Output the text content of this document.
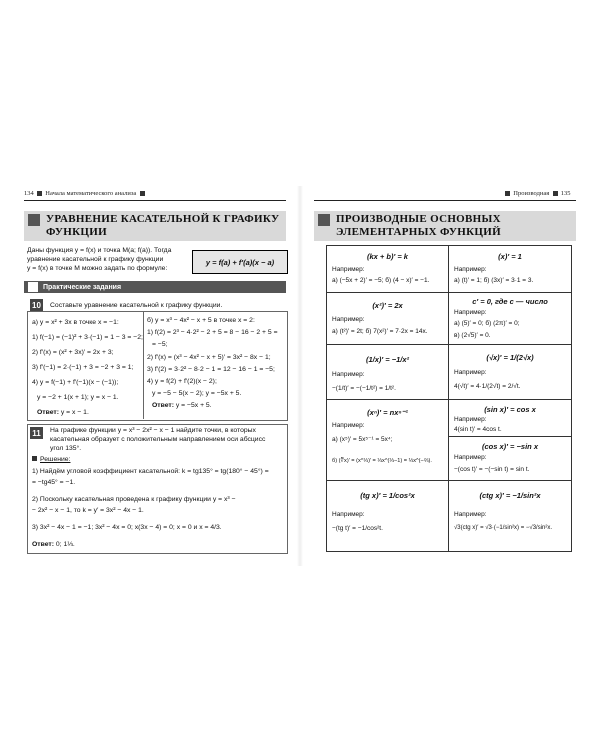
134 Начала математического анализа
УРАВНЕНИЕ КАСАТЕЛЬНОЙ К ГРАФИКУ
ФУНКЦИИ
Даны функция y = f(x) и точка M(a; f(a)). Тогда
уравнение касательной к графику функции
y = f(x) в точке M можно задать по формуле:
y = f(a) + f′(a)(x − a)
Практические задания
10	Составьте уравнение касательной к графику функции.
а) y = x² + 3x в точке x = −1:
1) f(−1) = (−1)² + 3·(−1) = 1 − 3 = −2;
2) f′(x) = (x² + 3x)′ = 2x + 3;
3) f′(−1) = 2·(−1) + 3 = −2 + 3 = 1;
4) y = f(−1) + f′(−1)(x − (−1));
y = −2 + 1(x + 1); y = x − 1.
Ответ: y = x − 1.
б) y = x³ − 4x² − x + 5 в точке x = 2:
1) f(2) = 2³ − 4·2² − 2 + 5 = 8 − 16 − 2 + 5 =
= −5;
2) f′(x) = (x³ − 4x² − x + 5)′ = 3x² − 8x − 1;
3) f′(2) = 3·2² − 8·2 − 1 = 12 − 16 − 1 = −5;
4) y = f(2) + f′(2)(x − 2);
y = −5 − 5(x − 2); y = −5x + 5.
Ответ: y = −5x + 5.
11	На графике функции y = x³ − 2x² − x − 1 найдите точки, в которых
касательная образует с положительным направлением оси абсцисс
угол 135°.
Решение:
1) Найдём угловой коэффициент касательной: k = tg135° = tg(180° − 45°) =
= −tg45° = −1.
2) Поскольку касательная проведена к графику функции y = x³ −
− 2x² − x − 1, то k = y′ = 3x² − 4x − 1.
3) 3x² − 4x − 1 = −1; 3x² − 4x = 0; x(3x − 4) = 0; x = 0 и x = 4/3.
Ответ: 0; 1⅓.
Производная 135
ПРОИЗВОДНЫЕ ОСНОВНЫХ
ЭЛЕМЕНТАРНЫХ ФУНКЦИЙ
(kx + b)′ = k
Например:
а) (−5x + 2)′ = −5; б) (4 − x)′ = −1.
(x)′ = 1
Например:
а) (t)′ = 1; б) (3x)′ = 3·1 = 3.
(x²)′ = 2x
Например:
а) (t²)′ = 2t; б) 7(x²)′ = 7·2x = 14x.
c′ = 0, где c — число
Например:
а) (5)′ = 0; б) (2π)′ = 0;
в) (2√5)′ = 0.
(1/x)′ = −1/x²
Например:
−(1/t)′ = −(−1/t²) = 1/t².
(√x)′ = 1/(2√x)
Например:
4(√t)′ = 4·1/(2√t) = 2/√t.
(xⁿ)′ = nxⁿ⁻¹
Например:
а) (x⁵)′ = 5x⁵⁻¹ = 5x⁴;
б) (∛x)′ = (x^⅓)′ = ⅓x^(⅓−1) = ⅓x^(−⅔).
(sin x)′ = cos x
Например:
4(sin t)′ = 4cos t.
(cos x)′ = −sin x
Например:
−(cos t)′ = −(−sin t) = sin t.
(tg x)′ = 1/cos²x
Например:
−(tg t)′ = −1/cos²t.
(ctg x)′ = −1/sin²x
Например:
√3(ctg x)′ = √3·(−1/sin²x) = −√3/sin²x.
